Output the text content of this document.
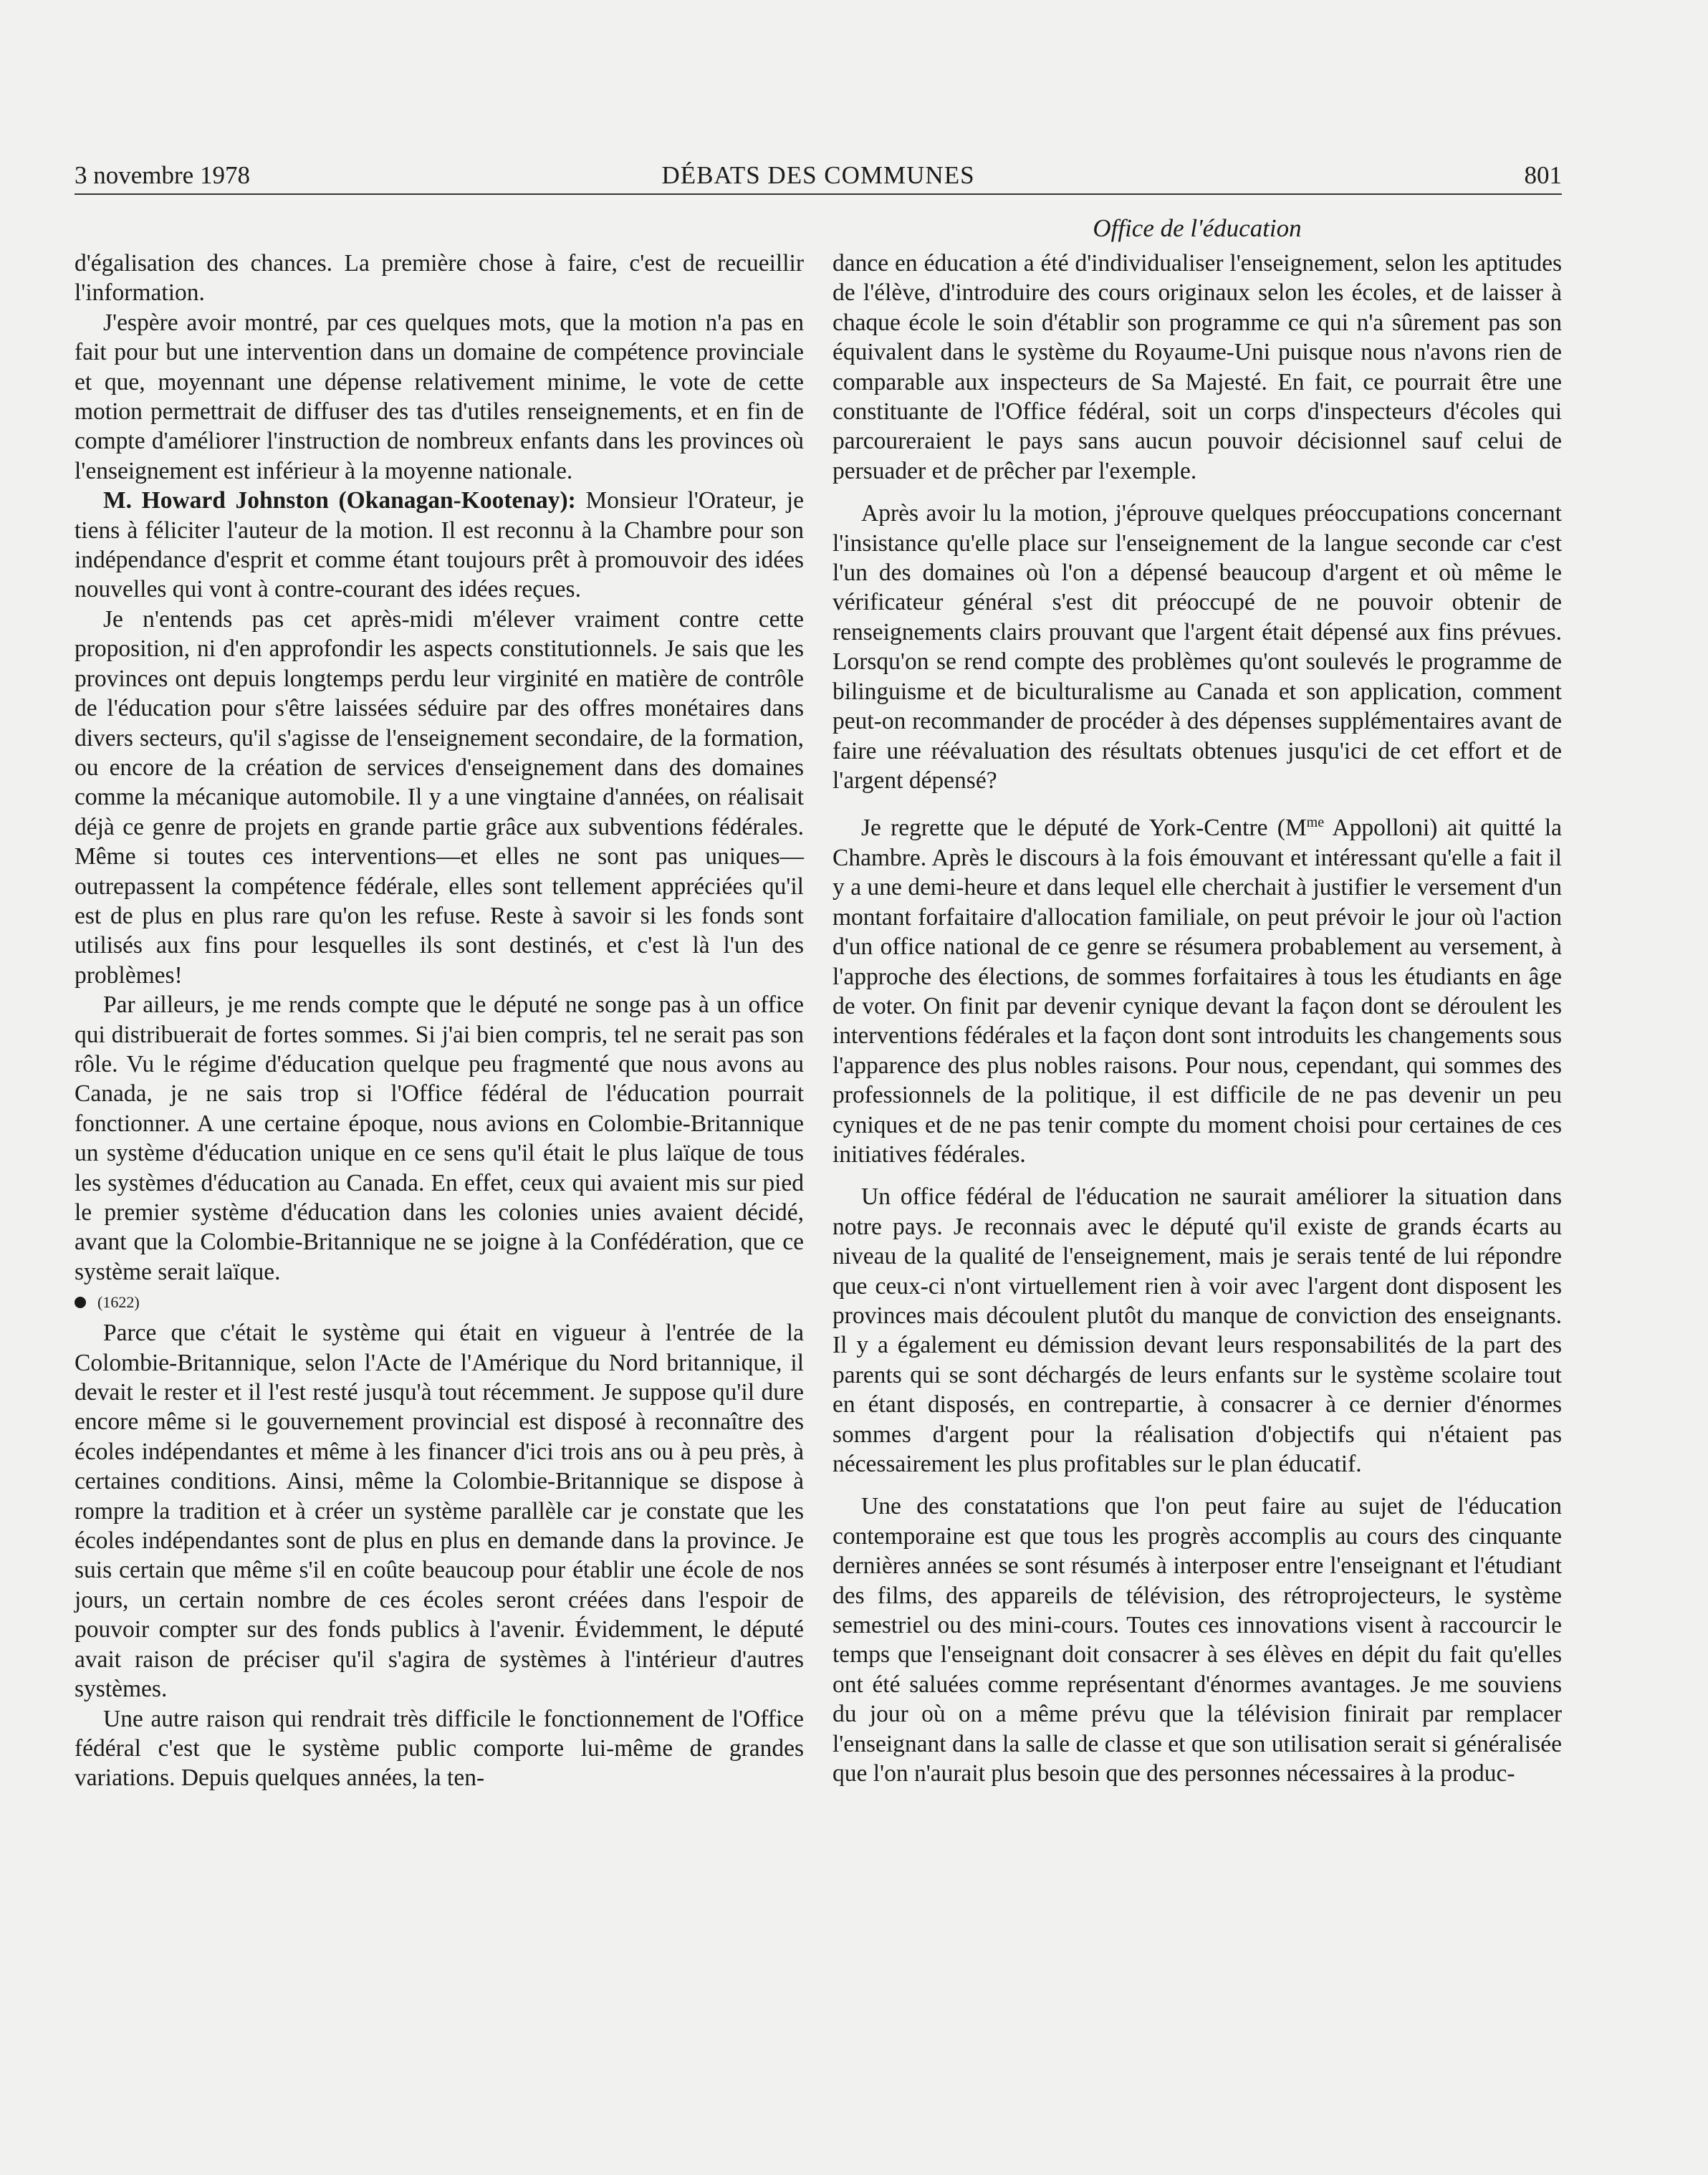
3 novembre 1978	DÉBATS DES COMMUNES	801

d'égalisation des chances. La première chose à faire, c'est de recueillir l'information.

J'espère avoir montré, par ces quelques mots, que la motion n'a pas en fait pour but une intervention dans un domaine de compétence provinciale et que, moyennant une dépense relativement minime, le vote de cette motion permettrait de diffuser des tas d'utiles renseignements, et en fin de compte d'améliorer l'instruction de nombreux enfants dans les provinces où l'enseignement est inférieur à la moyenne nationale.

M. Howard Johnston (Okanagan-Kootenay): Monsieur l'Orateur, je tiens à féliciter l'auteur de la motion. Il est reconnu à la Chambre pour son indépendance d'esprit et comme étant toujours prêt à promouvoir des idées nouvelles qui vont à contre-courant des idées reçues.

Je n'entends pas cet après-midi m'élever vraiment contre cette proposition, ni d'en approfondir les aspects constitutionnels. Je sais que les provinces ont depuis longtemps perdu leur virginité en matière de contrôle de l'éducation pour s'être laissées séduire par des offres monétaires dans divers secteurs, qu'il s'agisse de l'enseignement secondaire, de la formation, ou encore de la création de services d'enseignement dans des domaines comme la mécanique automobile. Il y a une vingtaine d'années, on réalisait déjà ce genre de projets en grande partie grâce aux subventions fédérales. Même si toutes ces interventions—et elles ne sont pas uniques—outrepassent la compétence fédérale, elles sont tellement appréciées qu'il est de plus en plus rare qu'on les refuse. Reste à savoir si les fonds sont utilisés aux fins pour lesquelles ils sont destinés, et c'est là l'un des problèmes!

Par ailleurs, je me rends compte que le député ne songe pas à un office qui distribuerait de fortes sommes. Si j'ai bien compris, tel ne serait pas son rôle. Vu le régime d'éducation quelque peu fragmenté que nous avons au Canada, je ne sais trop si l'Office fédéral de l'éducation pourrait fonctionner. A une certaine époque, nous avions en Colombie-Britannique un système d'éducation unique en ce sens qu'il était le plus laïque de tous les systèmes d'éducation au Canada. En effet, ceux qui avaient mis sur pied le premier système d'éducation dans les colonies unies avaient décidé, avant que la Colombie-Britannique ne se joigne à la Confédération, que ce système serait laïque.

(1622)

Parce que c'était le système qui était en vigueur à l'entrée de la Colombie-Britannique, selon l'Acte de l'Amérique du Nord britannique, il devait le rester et il l'est resté jusqu'à tout récemment. Je suppose qu'il dure encore même si le gouvernement provincial est disposé à reconnaître des écoles indépendantes et même à les financer d'ici trois ans ou à peu près, à certaines conditions. Ainsi, même la Colombie-Britannique se dispose à rompre la tradition et à créer un système parallèle car je constate que les écoles indépendantes sont de plus en plus en demande dans la province. Je suis certain que même s'il en coûte beaucoup pour établir une école de nos jours, un certain nombre de ces écoles seront créées dans l'espoir de pouvoir compter sur des fonds publics à l'avenir. Évidemment, le député avait raison de préciser qu'il s'agira de systèmes à l'intérieur d'autres systèmes.

Une autre raison qui rendrait très difficile le fonctionnement de l'Office fédéral c'est que le système public comporte lui-même de grandes variations. Depuis quelques années, la ten-

Office de l'éducation

dance en éducation a été d'individualiser l'enseignement, selon les aptitudes de l'élève, d'introduire des cours originaux selon les écoles, et de laisser à chaque école le soin d'établir son programme ce qui n'a sûrement pas son équivalent dans le système du Royaume-Uni puisque nous n'avons rien de comparable aux inspecteurs de Sa Majesté. En fait, ce pourrait être une constituante de l'Office fédéral, soit un corps d'inspecteurs d'écoles qui parcoureraient le pays sans aucun pouvoir décisionnel sauf celui de persuader et de prêcher par l'exemple.

Après avoir lu la motion, j'éprouve quelques préoccupations concernant l'insistance qu'elle place sur l'enseignement de la langue seconde car c'est l'un des domaines où l'on a dépensé beaucoup d'argent et où même le vérificateur général s'est dit préoccupé de ne pouvoir obtenir de renseignements clairs prouvant que l'argent était dépensé aux fins prévues. Lorsqu'on se rend compte des problèmes qu'ont soulevés le programme de bilinguisme et de biculturalisme au Canada et son application, comment peut-on recommander de procéder à des dépenses supplémentaires avant de faire une réévaluation des résultats obtenues jusqu'ici de cet effort et de l'argent dépensé?

Je regrette que le député de York-Centre ($M^{me}$ Appolloni) ait quitté la Chambre. Après le discours à la fois émouvant et intéressant qu'elle a fait il y a une demi-heure et dans lequel elle cherchait à justifier le versement d'un montant forfaitaire d'allocation familiale, on peut prévoir le jour où l'action d'un office national de ce genre se résumera probablement au versement, à l'approche des élections, de sommes forfaitaires à tous les étudiants en âge de voter. On finit par devenir cynique devant la façon dont se déroulent les interventions fédérales et la façon dont sont introduits les changements sous l'apparence des plus nobles raisons. Pour nous, cependant, qui sommes des professionnels de la politique, il est difficile de ne pas devenir un peu cyniques et de ne pas tenir compte du moment choisi pour certaines de ces initiatives fédérales.

Un office fédéral de l'éducation ne saurait améliorer la situation dans notre pays. Je reconnais avec le député qu'il existe de grands écarts au niveau de la qualité de l'enseignement, mais je serais tenté de lui répondre que ceux-ci n'ont virtuellement rien à voir avec l'argent dont disposent les provinces mais découlent plutôt du manque de conviction des enseignants. Il y a également eu démission devant leurs responsabilités de la part des parents qui se sont déchargés de leurs enfants sur le système scolaire tout en étant disposés, en contrepartie, à consacrer à ce dernier d'énormes sommes d'argent pour la réalisation d'objectifs qui n'étaient pas nécessairement les plus profitables sur le plan éducatif.

Une des constatations que l'on peut faire au sujet de l'éducation contemporaine est que tous les progrès accomplis au cours des cinquante dernières années se sont résumés à interposer entre l'enseignant et l'étudiant des films, des appareils de télévision, des rétroprojecteurs, le système semestriel ou des mini-cours. Toutes ces innovations visent à raccourcir le temps que l'enseignant doit consacrer à ses élèves en dépit du fait qu'elles ont été saluées comme représentant d'énormes avantages. Je me souviens du jour où on a même prévu que la télévision finirait par remplacer l'enseignant dans la salle de classe et que son utilisation serait si généralisée que l'on n'aurait plus besoin que des personnes nécessaires à la produc-
